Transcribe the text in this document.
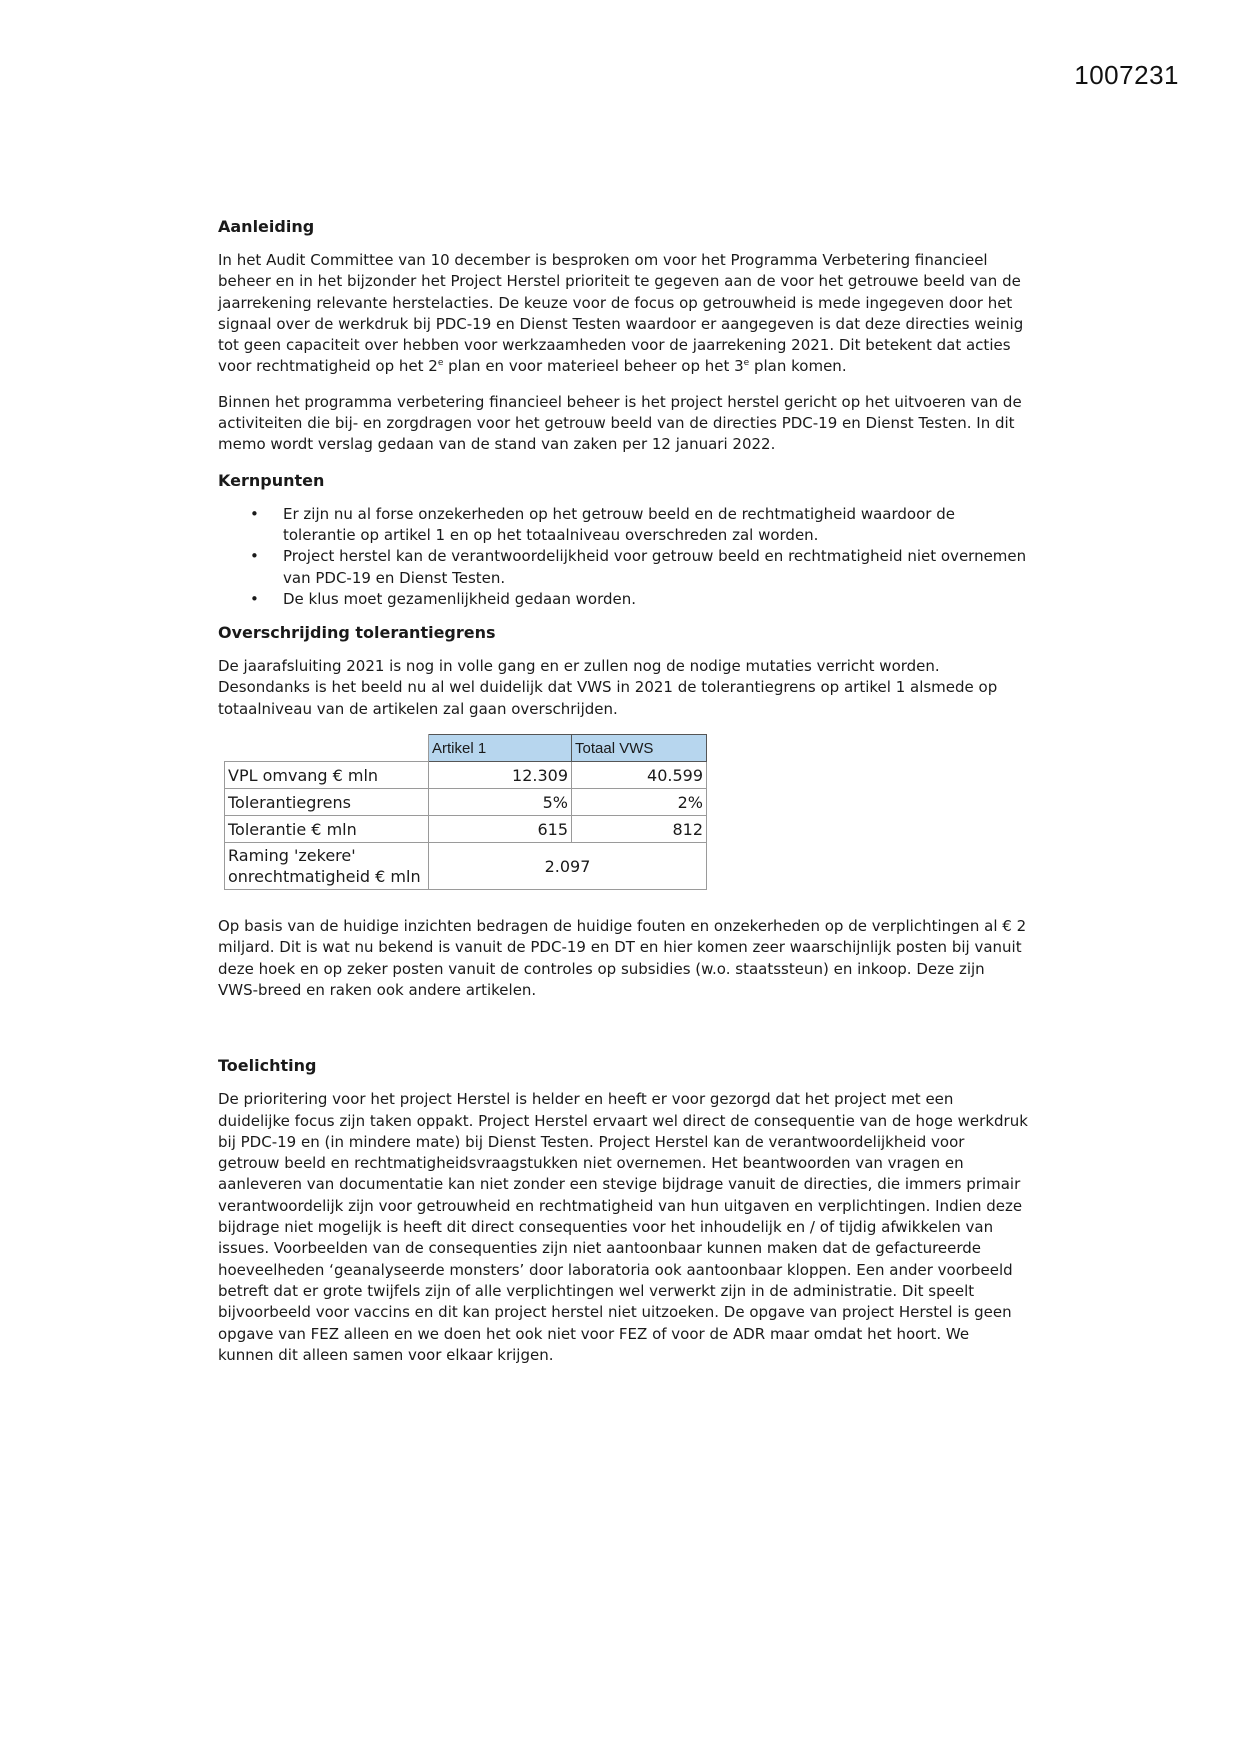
1007231
Aanleiding

In het Audit Committee van 10 december is besproken om voor het Programma Verbetering financieel beheer en in het bijzonder het Project Herstel prioriteit te gegeven aan de voor het getrouwe beeld van de jaarrekening relevante herstelacties. De keuze voor de focus op getrouwheid is mede ingegeven door het signaal over de werkdruk bij PDC-19 en Dienst Testen waardoor er aangegeven is dat deze directies weinig tot geen capaciteit over hebben voor werkzaamheden voor de jaarrekening 2021. Dit betekent dat acties voor rechtmatigheid op het 2e plan en voor materieel beheer op het 3e plan komen.

Binnen het programma verbetering financieel beheer is het project herstel gericht op het uitvoeren van de activiteiten die bij- en zorgdragen voor het getrouw beeld van de directies PDC-19 en Dienst Testen. In dit memo wordt verslag gedaan van de stand van zaken per 12 januari 2022.

Kernpunten
• Er zijn nu al forse onzekerheden op het getrouw beeld en de rechtmatigheid waardoor de tolerantie op artikel 1 en op het totaalniveau overschreden zal worden.
• Project herstel kan de verantwoordelijkheid voor getrouw beeld en rechtmatigheid niet overnemen van PDC-19 en Dienst Testen.
• De klus moet gezamenlijkheid gedaan worden.
Overschrijding tolerantiegrens

De jaarafsluiting 2021 is nog in volle gang en er zullen nog de nodige mutaties verricht worden. Desondanks is het beeld nu al wel duidelijk dat VWS in 2021 de tolerantiegrens op artikel 1 alsmede op totaalniveau van de artikelen zal gaan overschrijden.

	Artikel 1	Totaal VWS
VPL omvang € mln	12.309	40.599
Tolerantiegrens	5%	2%
Tolerantie € mln	615	812

Raming 'zekere'
onrechtmatigheid € mln	2.097	

Op basis van de huidige inzichten bedragen de huidige fouten en onzekerheden op de verplichtingen al € 2 miljard. Dit is wat nu bekend is vanuit de PDC-19 en DT en hier komen zeer waarschijnlijk posten bij vanuit deze hoek en op zeker posten vanuit de controles op subsidies (w.o. staatssteun) en inkoop. Deze zijn VWS-breed en raken ook andere artikelen.

Toelichting

De prioritering voor het project Herstel is helder en heeft er voor gezorgd dat het project met een duidelijke focus zijn taken oppakt. Project Herstel ervaart wel direct de consequentie van de hoge werkdruk bij PDC-19 en (in mindere mate) bij Dienst Testen. Project Herstel kan de verantwoordelijkheid voor getrouw beeld en rechtmatigheidsvraagstukken niet overnemen. Het beantwoorden van vragen en aanleveren van documentatie kan niet zonder een stevige bijdrage vanuit de directies, die immers primair verantwoordelijk zijn voor getrouwheid en rechtmatigheid van hun uitgaven en verplichtingen. Indien deze bijdrage niet mogelijk is heeft dit direct consequenties voor het inhoudelijk en / of tijdig afwikkelen van issues. Voorbeelden van de consequenties zijn niet aantoonbaar kunnen maken dat de gefactureerde hoeveelheden ‘geanalyseerde monsters’ door laboratoria ook aantoonbaar kloppen. Een ander voorbeeld betreft dat er grote twijfels zijn of alle verplichtingen wel verwerkt zijn in de administratie. Dit speelt bijvoorbeeld voor vaccins en dit kan project herstel niet uitzoeken. De opgave van project Herstel is geen opgave van FEZ alleen en we doen het ook niet voor FEZ of voor de ADR maar omdat het hoort. We kunnen dit alleen samen voor elkaar krijgen.
